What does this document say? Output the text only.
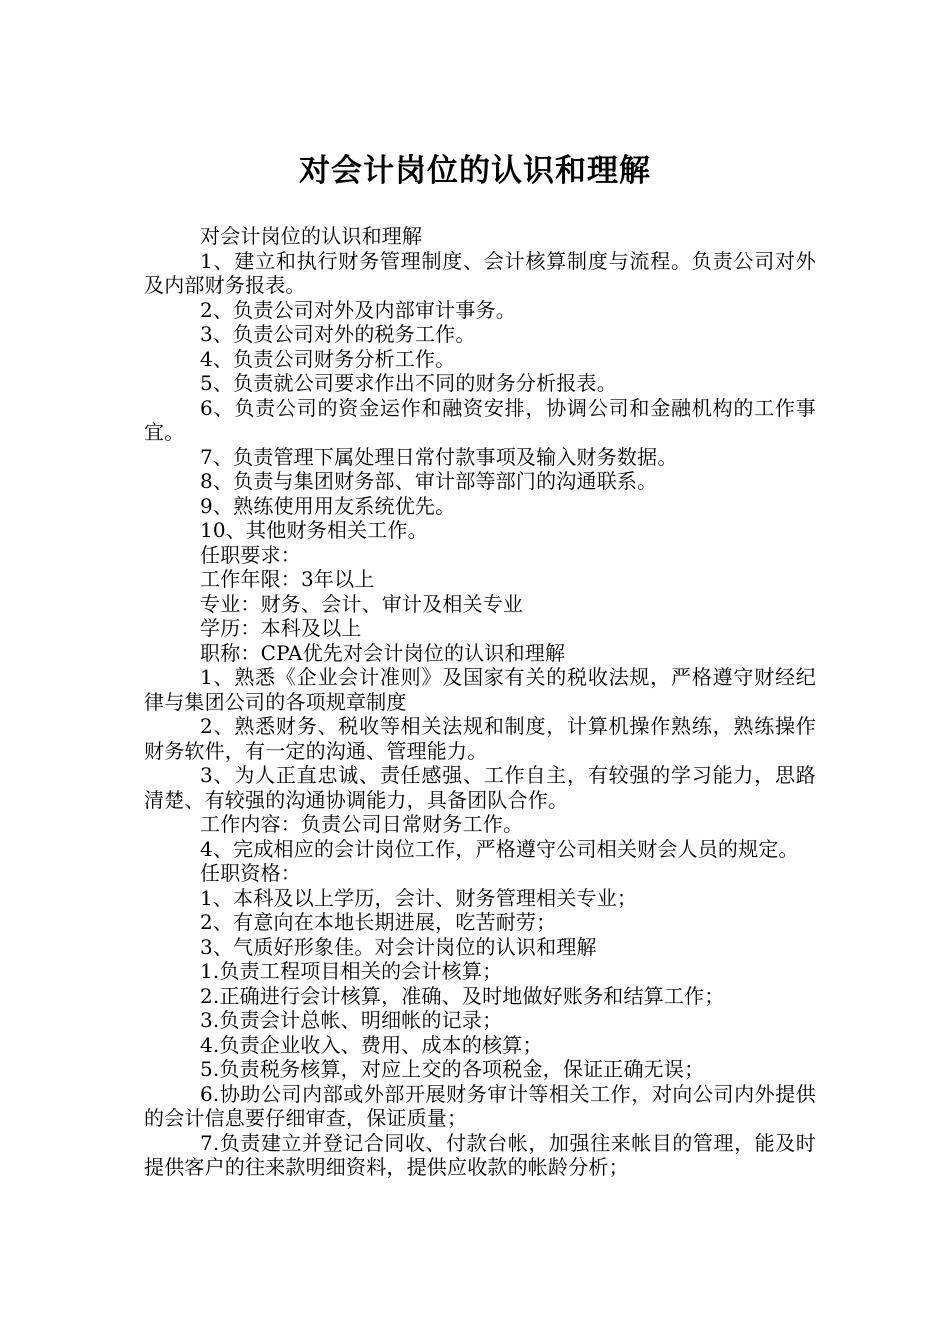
对会计岗位的认识和理解

对会计岗位的认识和理解

1、建立和执行财务管理制度、会计核算制度与流程。负责公司对外及内部财务报表。

2、负责公司对外及内部审计事务。

3、负责公司对外的税务工作。

4、负责公司财务分析工作。

5、负责就公司要求作出不同的财务分析报表。

6、负责公司的资金运作和融资安排，协调公司和金融机构的工作事宜。

7、负责管理下属处理日常付款事项及输入财务数据。

8、负责与集团财务部、审计部等部门的沟通联系。

9、熟练使用用友系统优先。

10、其他财务相关工作。

任职要求：

工作年限：3年以上

专业：财务、会计、审计及相关专业

学历：本科及以上

职称：CPA优先对会计岗位的认识和理解

1、熟悉《企业会计准则》及国家有关的税收法规，严格遵守财经纪律与集团公司的各项规章制度

2、熟悉财务、税收等相关法规和制度，计算机操作熟练，熟练操作财务软件，有一定的沟通、管理能力。

3、为人正直忠诚、责任感强、工作自主，有较强的学习能力，思路清楚、有较强的沟通协调能力，具备团队合作。

工作内容：负责公司日常财务工作。

4、完成相应的会计岗位工作，严格遵守公司相关财会人员的规定。

任职资格：

1、本科及以上学历，会计、财务管理相关专业；

2、有意向在本地长期进展，吃苦耐劳；

3、气质好形象佳。对会计岗位的认识和理解

1.负责工程项目相关的会计核算；

2.正确进行会计核算，准确、及时地做好账务和结算工作；

3.负责会计总帐、明细帐的记录；

4.负责企业收入、费用、成本的核算；

5.负责税务核算，对应上交的各项税金，保证正确无误；

6.协助公司内部或外部开展财务审计等相关工作，对向公司内外提供的会计信息要仔细审查，保证质量；

7.负责建立并登记合同收、付款台帐，加强往来帐目的管理，能及时提供客户的往来款明细资料，提供应收款的帐龄分析；
